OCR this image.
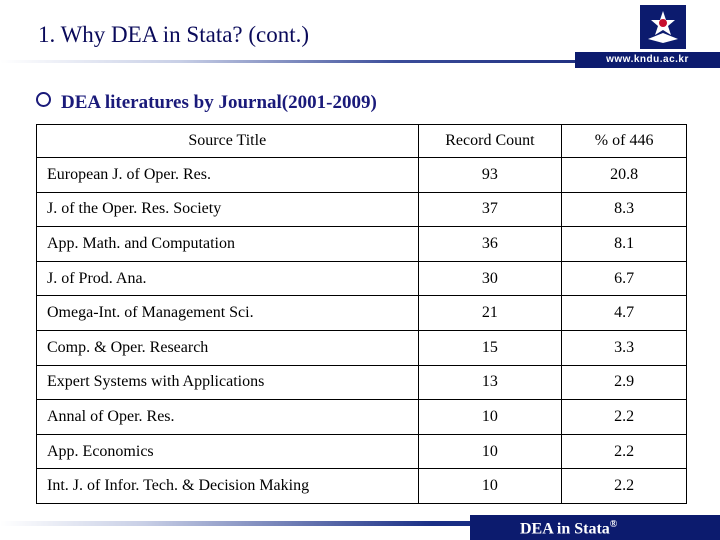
1. Why DEA in Stata? (cont.)
www.kndu.ac.kr
DEA literatures by Journal(2001-2009)
Source Title	Record Count	% of 446
European J. of Oper. Res.	93	20.8
J. of the Oper. Res. Society	37	8.3
App. Math. and Computation	36	8.1
J. of Prod. Ana.	30	6.7
Omega-Int. of Management Sci.	21	4.7
Comp. & Oper. Research	15	3.3
Expert Systems with Applications	13	2.9
Annal of Oper. Res.	10	2.2
App. Economics	10	2.2
Int. J. of Infor. Tech. & Decision Making	10	2.2
DEA in Stata®
